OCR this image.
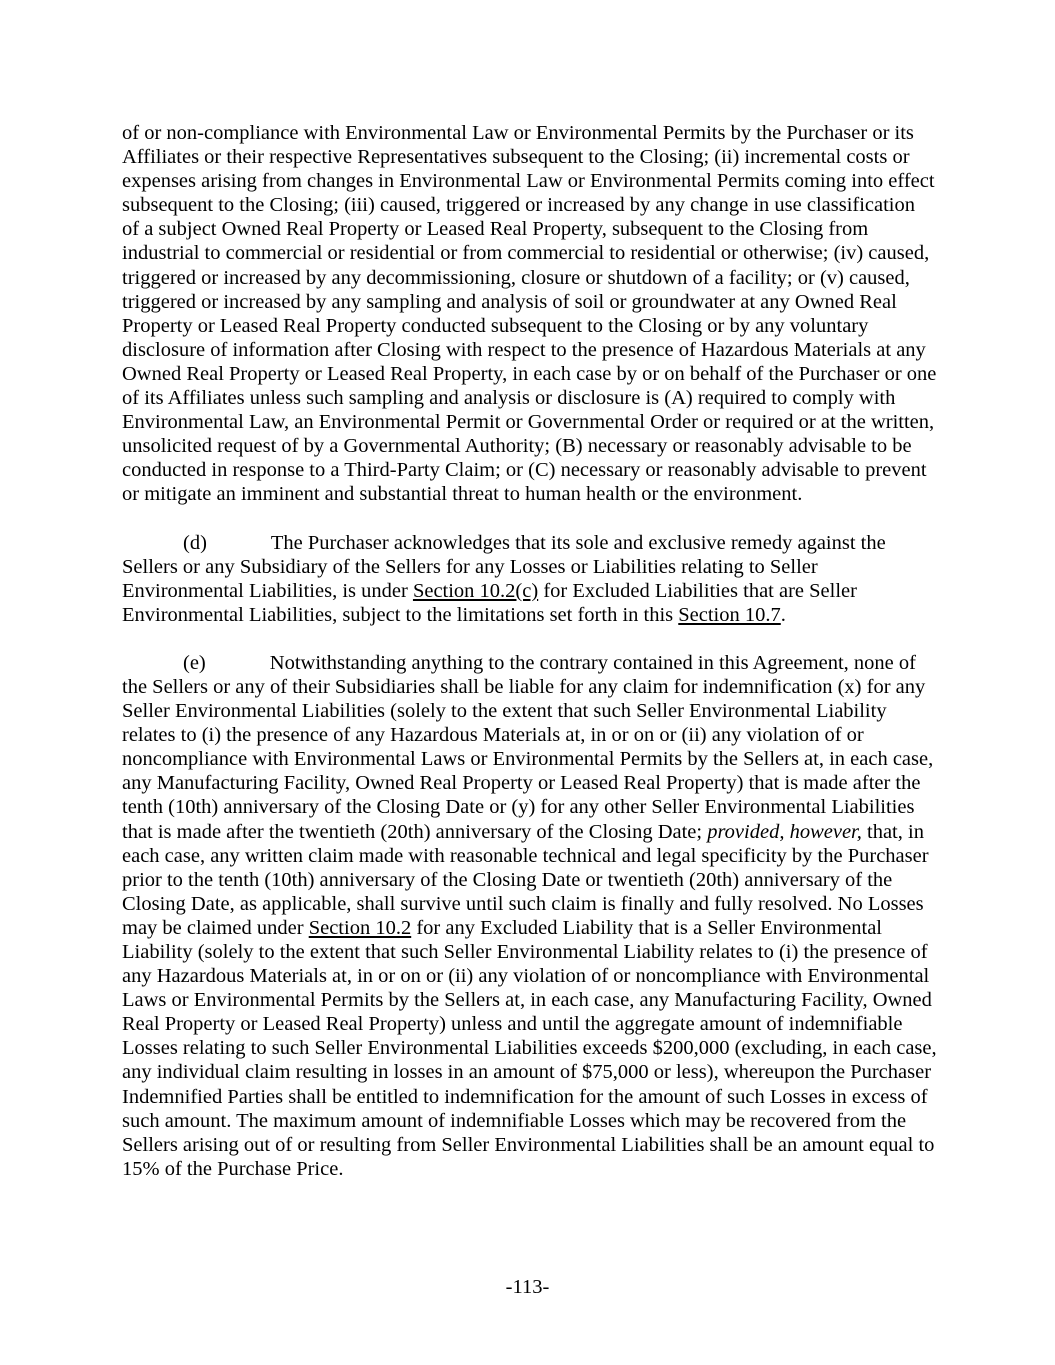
of or non-compliance with Environmental Law or Environmental Permits by the Purchaser or its Affiliates or their respective Representatives subsequent to the Closing; (ii) incremental costs or expenses arising from changes in Environmental Law or Environmental Permits coming into effect subsequent to the Closing; (iii) caused, triggered or increased by any change in use classification of a subject Owned Real Property or Leased Real Property, subsequent to the Closing from industrial to commercial or residential or from commercial to residential or otherwise; (iv) caused, triggered or increased by any decommissioning, closure or shutdown of a facility; or (v) caused, triggered or increased by any sampling and analysis of soil or groundwater at any Owned Real Property or Leased Real Property conducted subsequent to the Closing or by any voluntary disclosure of information after Closing with respect to the presence of Hazardous Materials at any Owned Real Property or Leased Real Property, in each case by or on behalf of the Purchaser or one of its Affiliates unless such sampling and analysis or disclosure is (A) required to comply with Environmental Law, an Environmental Permit or Governmental Order or required or at the written, unsolicited request of by a Governmental Authority; (B) necessary or reasonably advisable to be conducted in response to a Third-Party Claim; or (C) necessary or reasonably advisable to prevent or mitigate an imminent and substantial threat to human health or the environment.

(d)	The Purchaser acknowledges that its sole and exclusive remedy against the Sellers or any Subsidiary of the Sellers for any Losses or Liabilities relating to Seller Environmental Liabilities, is under Section 10.2(c) for Excluded Liabilities that are Seller Environmental Liabilities, subject to the limitations set forth in this Section 10.7.

(e)	Notwithstanding anything to the contrary contained in this Agreement, none of the Sellers or any of their Subsidiaries shall be liable for any claim for indemnification (x) for any Seller Environmental Liabilities (solely to the extent that such Seller Environmental Liability relates to (i) the presence of any Hazardous Materials at, in or on or (ii) any violation of or noncompliance with Environmental Laws or Environmental Permits by the Sellers at, in each case, any Manufacturing Facility, Owned Real Property or Leased Real Property) that is made after the tenth (10th) anniversary of the Closing Date or (y) for any other Seller Environmental Liabilities that is made after the twentieth (20th) anniversary of the Closing Date; provided, however, that, in each case, any written claim made with reasonable technical and legal specificity by the Purchaser prior to the tenth (10th) anniversary of the Closing Date or twentieth (20th) anniversary of the Closing Date, as applicable, shall survive until such claim is finally and fully resolved. No Losses may be claimed under Section 10.2 for any Excluded Liability that is a Seller Environmental Liability (solely to the extent that such Seller Environmental Liability relates to (i) the presence of any Hazardous Materials at, in or on or (ii) any violation of or noncompliance with Environmental Laws or Environmental Permits by the Sellers at, in each case, any Manufacturing Facility, Owned Real Property or Leased Real Property) unless and until the aggregate amount of indemnifiable Losses relating to such Seller Environmental Liabilities exceeds $200,000 (excluding, in each case, any individual claim resulting in losses in an amount of $75,000 or less), whereupon the Purchaser Indemnified Parties shall be entitled to indemnification for the amount of such Losses in excess of such amount. The maximum amount of indemnifiable Losses which may be recovered from the Sellers arising out of or resulting from Seller Environmental Liabilities shall be an amount equal to 15% of the Purchase Price.

-113-
